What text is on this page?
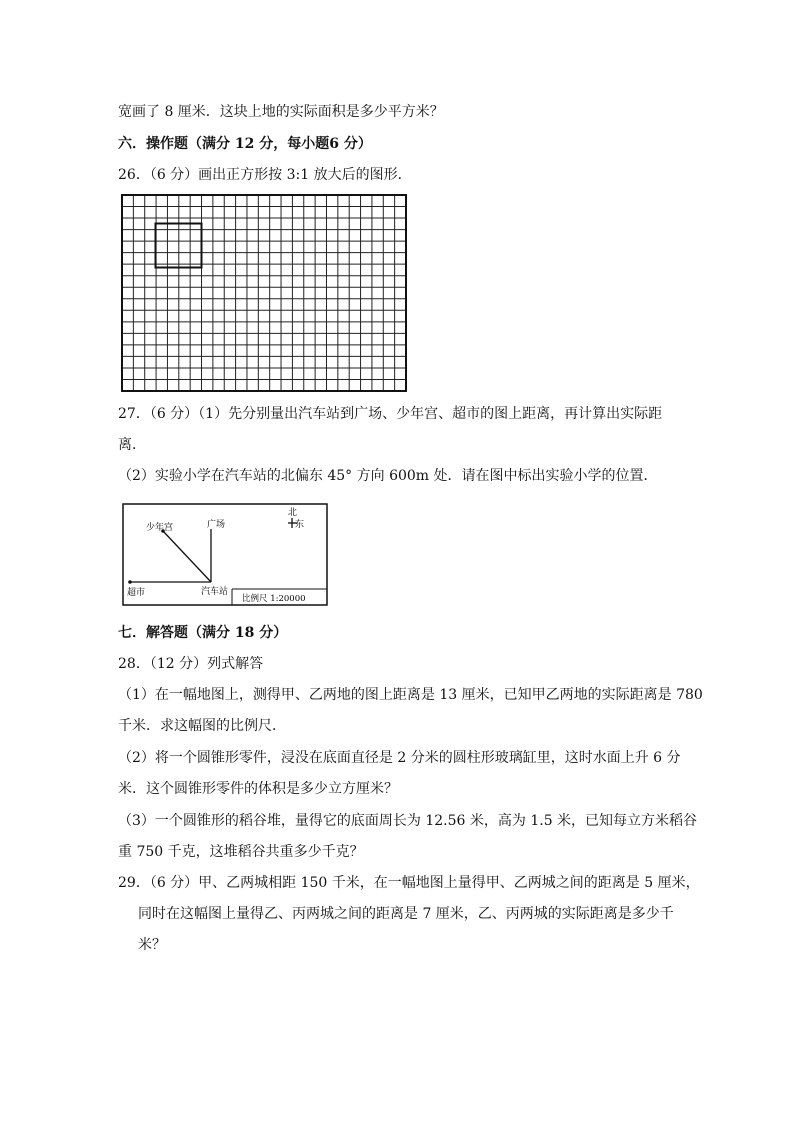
宽画了 8 厘米．这块上地的实际面积是多少平方米？
六．操作题（满分 12 分，每小题6 分）
26．（6 分）画出正方形按 3:1 放大后的图形．
27．（6 分）（1）先分别量出汽车站到广场、少年宫、超市的图上距离，再计算出实际距
离．
（2）实验小学在汽车站的北偏东 45° 方向 600m 处．请在图中标出实验小学的位置．
少年宫	广场
超市	汽车站
北
东
比例尺 1:20000
七．解答题（满分 18 分）
28．（12 分）列式解答
（1）在一幅地图上，测得甲、乙两地的图上距离是 13 厘米，已知甲乙两地的实际距离是 780
千米．求这幅图的比例尺．
（2）将一个圆锥形零件，浸没在底面直径是 2 分米的圆柱形玻璃缸里，这时水面上升 6 分
米．这个圆锥形零件的体积是多少立方厘米？
（3）一个圆锥形的稻谷堆，量得它的底面周长为 12.56 米，高为 1.5 米，已知每立方米稻谷
重 750 千克，这堆稻谷共重多少千克？
29．（6 分）甲、乙两城相距 150 千米，在一幅地图上量得甲、乙两城之间的距离是 5 厘米，
同时在这幅图上量得乙、丙两城之间的距离是 7 厘米，乙、丙两城的实际距离是多少千
米？
